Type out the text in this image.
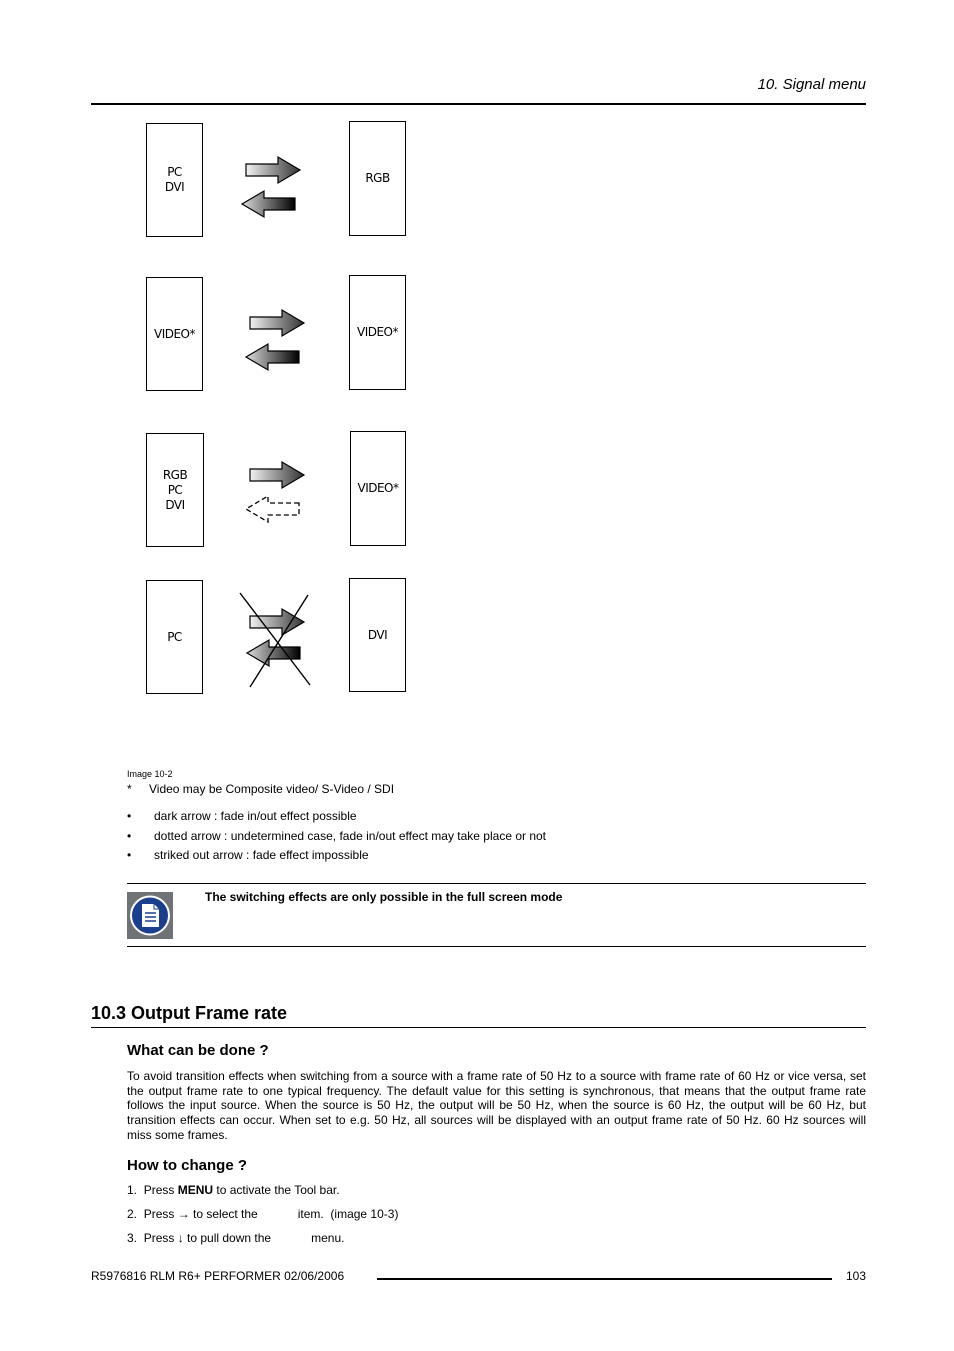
10. Signal menu
PC
DVI
RGB
VIDEO*	VIDEO*
RGB
PC
DVI
VIDEO*
PC	DVI
Image 10-2
* Video may be Composite video/ S-Video / SDI
• dark arrow : fade in/out effect possible
• dotted arrow : undetermined case, fade in/out effect may take place or not
• striked out arrow : fade effect impossible
The switching effects are only possible in the full screen mode
10.3 Output Frame rate
What can be done ?
To avoid transition effects when switching from a source with a frame rate of 50 Hz to a source with frame rate of 60 Hz or vice versa, set the output frame rate to one typical frequency. The default value for this setting is synchronous, that means that the output frame rate follows the input source. When the source is 50 Hz, the output will be 50 Hz, when the source is 60 Hz, the output will be 60 Hz, but transition effects can occur. When set to e.g. 50 Hz, all sources will be displayed with an output frame rate of 50 Hz. 60 Hz sources will miss some frames.
How to change ?
1. Press MENU to activate the Tool bar.
2. Press → to select the            item.  (image 10-3)
3. Press ↓ to pull down the            menu.
R5976816 RLM R6+ PERFORMER 02/06/2006	103
